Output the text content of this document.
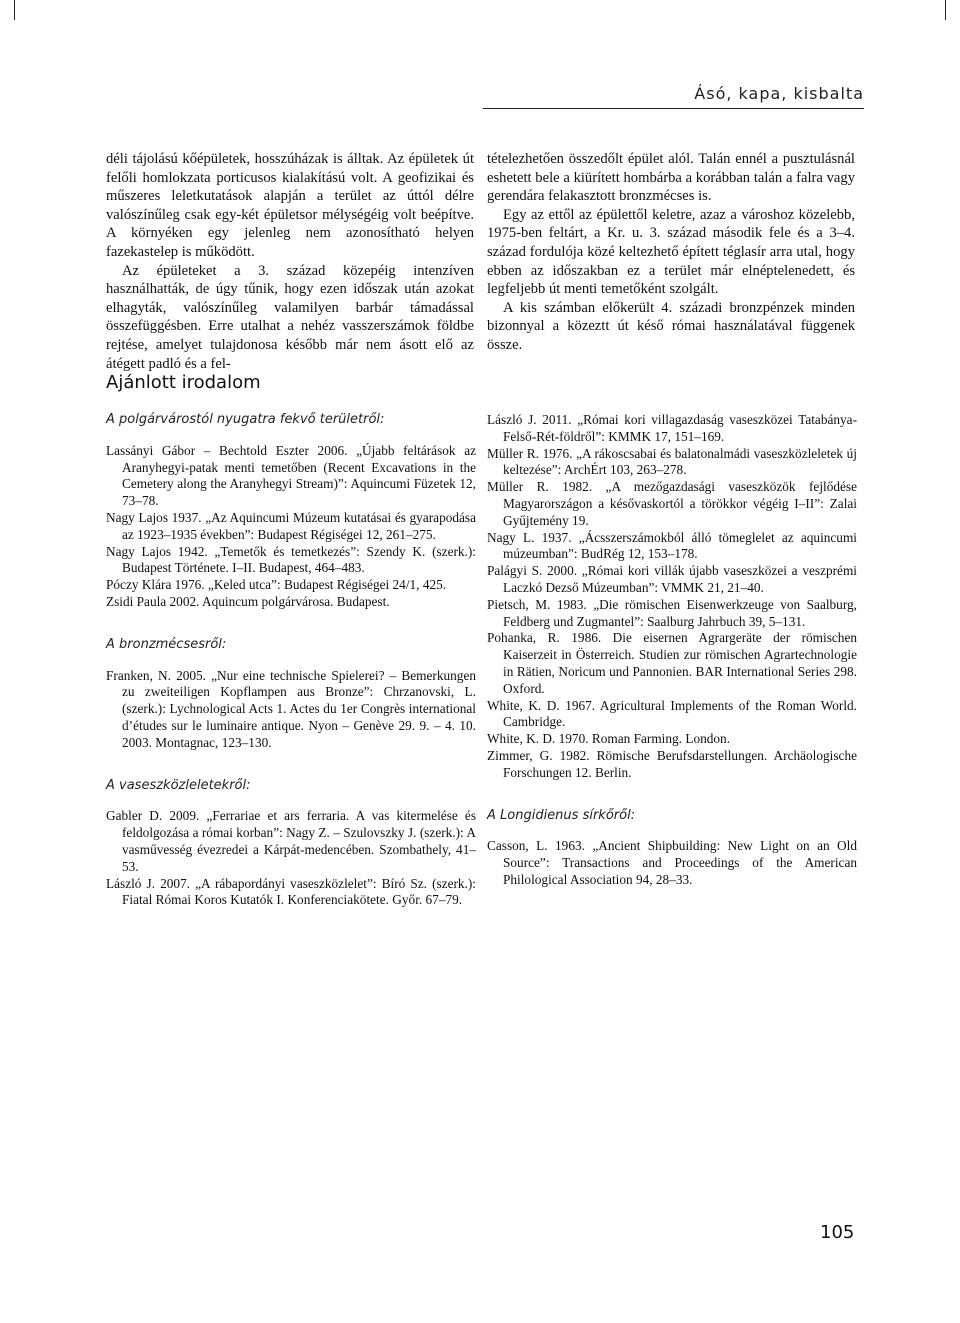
Ásó, kapa, kisbalta

déli tájolású kőépületek, hosszúházak is álltak. Az épületek út felőli homlokzata porticusos kialakítású volt. A geofizikai és műszeres leletkutatások alapján a terület az úttól délre valószínűleg csak egy-két épületsor mélységéig volt beépítve. A környéken egy jelenleg nem azonosítható helyen fazekastelep is működött.

Az épületeket a 3. század közepéig intenzíven használhatták, de úgy tűnik, hogy ezen időszak után azokat elhagyták, valószínűleg valamilyen barbár támadással összefüggésben. Erre utalhat a nehéz vasszerszámok földbe rejtése, amelyet tulajdonosa később már nem ásott elő az átégett padló és a fel-

tételezhetően összedőlt épület alól. Talán ennél a pusztulásnál eshetett bele a kiürített hombárba a korábban talán a falra vagy gerendára felakasztott bronzmécses is.

Egy az ettől az épülettől keletre, azaz a városhoz közelebb, 1975-ben feltárt, a Kr. u. 3. század második fele és a 3–4. század fordulója közé keltezhető épített téglasír arra utal, hogy ebben az időszakban ez a terület már elnéptelenedett, és legfeljebb út menti temetőként szolgált.

A kis számban előkerült 4. századi bronzpénzek minden bizonnyal a közeztt út késő római használatával függenek össze.

Ajánlott irodalom
A polgárvárostól nyugatra fekvő területről:

Lassányi Gábor – Bechtold Eszter 2006. „Újabb feltárások az Aranyhegyi-patak menti temetőben (Recent Excavations in the Cemetery along the Aranyhegyi Stream)”: Aquincumi Füzetek 12, 73–78.

Nagy Lajos 1937. „Az Aquincumi Múzeum kutatásai és gyarapodása az 1923–1935 években”: Budapest Régiségei 12, 261–275.

Nagy Lajos 1942. „Temetők és temetkezés”: Szendy K. (szerk.): Budapest Története. I–II. Budapest, 464–483.

Póczy Klára 1976. „Keled utca”: Budapest Régiségei 24/1, 425.

Zsidi Paula 2002. Aquincum polgárvárosa. Budapest.

A bronzmécsesről:

Franken, N. 2005. „Nur eine technische Spielerei? – Bemerkungen zu zweiteiligen Kopflampen aus Bronze”: Chrzanovski, L. (szerk.): Lychnological Acts 1. Actes du 1er Congrès international d’études sur le luminaire antique. Nyon – Genève 29. 9. – 4. 10. 2003. Montagnac, 123–130.

A vaseszközleletekről:

Gabler D. 2009. „Ferrariae et ars ferraria. A vas kitermelése és feldolgozása a római korban”: Nagy Z. – Szulovszky J. (szerk.): A vasművesség évezredei a Kárpát-medencében. Szombathely, 41–53.

László J. 2007. „A rábapordányi vaseszközlelet”: Bíró Sz. (szerk.): Fiatal Római Koros Kutatók I. Konferenciakötete. Győr. 67–79.

László J. 2011. „Római kori villagazdaság vaseszközei Tatabánya-Felső-Rét-földről”: KMMK 17, 151–169.

Müller R. 1976. „A rákoscsabai és balatonalmádi vaseszközleletek új keltezése”: ArchÉrt 103, 263–278.

Müller R. 1982. „A mezőgazdasági vaseszközök fejlődése Magyarországon a késővaskortól a törökkor végéig I–II”: Zalai Gyűjtemény 19.

Nagy L. 1937. „Ácsszerszámokból álló tömeglelet az aquincumi múzeumban”: BudRég 12, 153–178.

Palágyi S. 2000. „Római kori villák újabb vaseszközei a veszprémi Laczkó Dezső Múzeumban”: VMMK 21, 21–40.

Pietsch, M. 1983. „Die römischen Eisenwerkzeuge von Saalburg, Feldberg und Zugmantel”: Saalburg Jahrbuch 39, 5–131.

Pohanka, R. 1986. Die eisernen Agrargeräte der römischen Kaiserzeit in Österreich. Studien zur römischen Agrartechnologie in Rätien, Noricum und Pannonien. BAR International Series 298. Oxford.

White, K. D. 1967. Agricultural Implements of the Roman World. Cambridge.

White, K. D. 1970. Roman Farming. London.

Zimmer, G. 1982. Römische Berufsdarstellungen. Archäologische Forschungen 12. Berlin.

A Longidienus sírkőről:

Casson, L. 1963. „Ancient Shipbuilding: New Light on an Old Source”: Transactions and Proceedings of the American Philological Association 94, 28–33.

105
